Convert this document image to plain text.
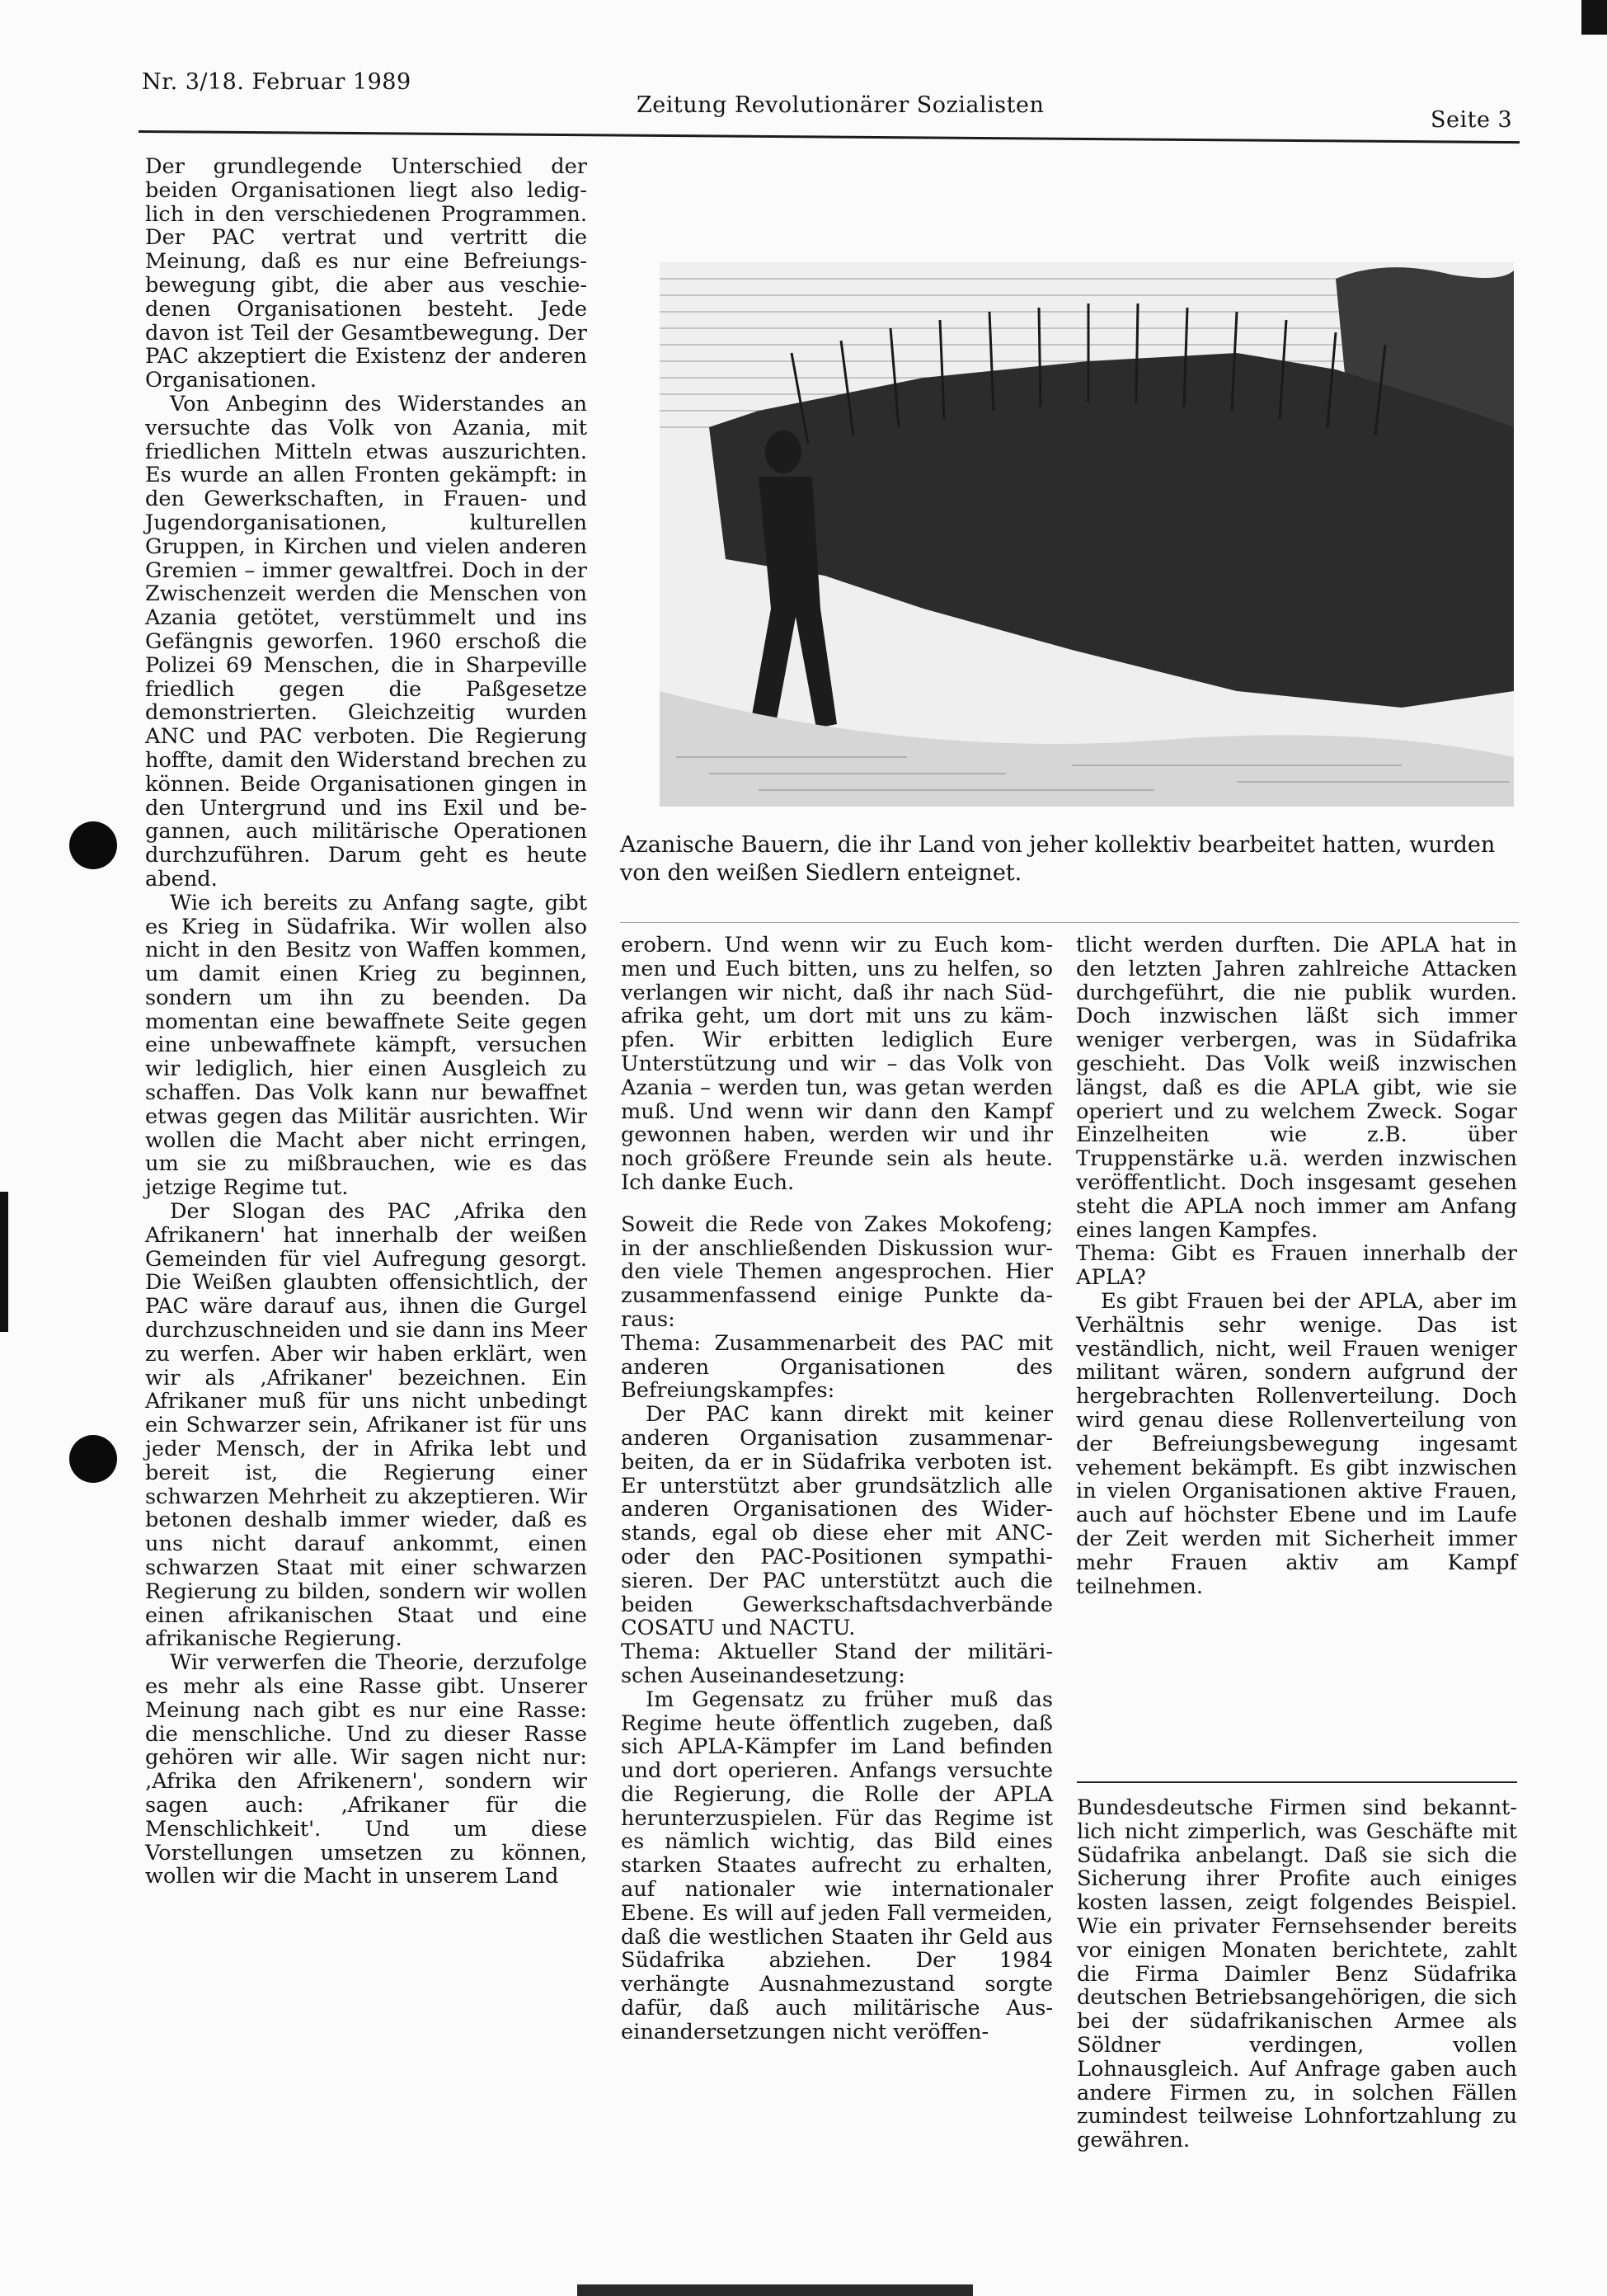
Nr. 3/18. Februar 1989
Zeitung Revolutionärer Sozialisten
Seite 3

Der grundlegende Unterschied der beiden Organisationen liegt also lediglich in den verschiedenen Programmen. Der PAC vertrat und vertritt die Meinung, daß es nur eine Befreiungsbewegung gibt, die aber aus veschiedenen Organisationen besteht. Jede davon ist Teil der Gesamtbewegung. Der PAC akzeptiert die Existenz der anderen Organisationen.

Von Anbeginn des Widerstandes an versuchte das Volk von Azania, mit friedlichen Mitteln etwas auszurichten. Es wurde an allen Fronten gekämpft: in den Gewerkschaften, in Frauen- und Jugendorganisationen, kulturellen Gruppen, in Kirchen und vielen anderen Gremien – immer gewaltfrei. Doch in der Zwischenzeit werden die Menschen von Azania getötet, verstümmelt und ins Gefängnis geworfen. 1960 erschoß die Polizei 69 Menschen, die in Sharpeville friedlich gegen die Paßgesetze demonstrierten. Gleichzeitig wurden ANC und PAC verboten. Die Regierung hoffte, damit den Widerstand brechen zu können. Beide Organisationen gingen in den Untergrund und ins Exil und begannen, auch militärische Operationen durchzuführen. Darum geht es heute abend.

Wie ich bereits zu Anfang sagte, gibt es Krieg in Südafrika. Wir wollen also nicht in den Besitz von Waffen kommen, um damit einen Krieg zu beginnen, sondern um ihn zu beenden. Da momentan eine bewaffnete Seite gegen eine unbewaffnete kämpft, versuchen wir lediglich, hier einen Ausgleich zu schaffen. Das Volk kann nur bewaffnet etwas gegen das Militär ausrichten. Wir wollen die Macht aber nicht erringen, um sie zu mißbrauchen, wie es das jetzige Regime tut.

Der Slogan des PAC ‚Afrika den Afrikanern' hat innerhalb der weißen Gemeinden für viel Aufregung gesorgt. Die Weißen glaubten offensichtlich, der PAC wäre darauf aus, ihnen die Gurgel durchzuschneiden und sie dann ins Meer zu werfen. Aber wir haben erklärt, wen wir als ‚Afrikaner' bezeichnen. Ein Afrikaner muß für uns nicht unbedingt ein Schwarzer sein, Afrikaner ist für uns jeder Mensch, der in Afrika lebt und bereit ist, die Regierung einer schwarzen Mehrheit zu akzeptieren. Wir betonen deshalb immer wieder, daß es uns nicht darauf ankommt, einen schwarzen Staat mit einer schwarzen Regierung zu bilden, sondern wir wollen einen afrikanischen Staat und eine afrikanische Regierung.

Wir verwerfen die Theorie, derzufolge es mehr als eine Rasse gibt. Unserer Meinung nach gibt es nur eine Rasse: die menschliche. Und zu dieser Rasse gehören wir alle. Wir sagen nicht nur: ‚Afrika den Afrikenern', sondern wir sagen auch: ‚Afrikaner für die Menschlichkeit'. Und um diese Vorstellungen umsetzen zu können, wollen wir die Macht in unserem Land

Azanische Bauern, die ihr Land von jeher kollektiv bearbeitet hatten, wurden von den weißen Siedlern enteignet.

erobern. Und wenn wir zu Euch kommen und Euch bitten, uns zu helfen, so verlangen wir nicht, daß ihr nach Südafrika geht, um dort mit uns zu kämpfen. Wir erbitten lediglich Eure Unterstützung und wir – das Volk von Azania – werden tun, was getan werden muß. Und wenn wir dann den Kampf gewonnen haben, werden wir und ihr noch größere Freunde sein als heute. Ich danke Euch.

Soweit die Rede von Zakes Mokofeng; in der anschließenden Diskussion wurden viele Themen angesprochen. Hier zusammenfassend einige Punkte daraus:

Thema: Zusammenarbeit des PAC mit anderen Organisationen des Befreiungskampfes:

Der PAC kann direkt mit keiner anderen Organisation zusammenarbeiten, da er in Südafrika verboten ist. Er unterstützt aber grundsätzlich alle anderen Organisationen des Widerstands, egal ob diese eher mit ANC- oder den PAC-Positionen sympathisieren. Der PAC unterstützt auch die beiden Gewerkschaftsdachverbände COSATU und NACTU.

Thema: Aktueller Stand der militärischen Auseinandesetzung:

Im Gegensatz zu früher muß das Regime heute öffentlich zugeben, daß sich APLA-Kämpfer im Land befinden und dort operieren. Anfangs versuchte die Regierung, die Rolle der APLA herunterzuspielen. Für das Regime ist es nämlich wichtig, das Bild eines starken Staates aufrecht zu erhalten, auf nationaler wie internationaler Ebene. Es will auf jeden Fall vermeiden, daß die westlichen Staaten ihr Geld aus Südafrika abziehen. Der 1984 verhängte Ausnahmezustand sorgte dafür, daß auch militärische Auseinandersetzungen nicht veröffen-

tlicht werden durften. Die APLA hat in den letzten Jahren zahlreiche Attacken durchgeführt, die nie publik wurden. Doch inzwischen läßt sich immer weniger verbergen, was in Südafrika geschieht. Das Volk weiß inzwischen längst, daß es die APLA gibt, wie sie operiert und zu welchem Zweck. Sogar Einzelheiten wie z.B. über Truppenstärke u.ä. werden inzwischen veröffentlicht. Doch insgesamt gesehen steht die APLA noch immer am Anfang eines langen Kampfes.

Thema: Gibt es Frauen innerhalb der APLA?

Es gibt Frauen bei der APLA, aber im Verhältnis sehr wenige. Das ist veständlich, nicht, weil Frauen weniger militant wären, sondern aufgrund der hergebrachten Rollenverteilung. Doch wird genau diese Rollenverteilung von der Befreiungsbewegung ingesamt vehement bekämpft. Es gibt inzwischen in vielen Organisationen aktive Frauen, auch auf höchster Ebene und im Laufe der Zeit werden mit Sicherheit immer mehr Frauen aktiv am Kampf teilnehmen.

Bundesdeutsche Firmen sind bekanntlich nicht zimperlich, was Geschäfte mit Südafrika anbelangt. Daß sie sich die Sicherung ihrer Profite auch einiges kosten lassen, zeigt folgendes Beispiel. Wie ein privater Fernsehsender bereits vor einigen Monaten berichtete, zahlt die Firma Daimler Benz Südafrika deutschen Betriebsangehörigen, die sich bei der südafrikanischen Armee als Söldner verdingen, vollen Lohnausgleich. Auf Anfrage gaben auch andere Firmen zu, in solchen Fällen zumindest teilweise Lohnfortzahlung zu gewähren.
